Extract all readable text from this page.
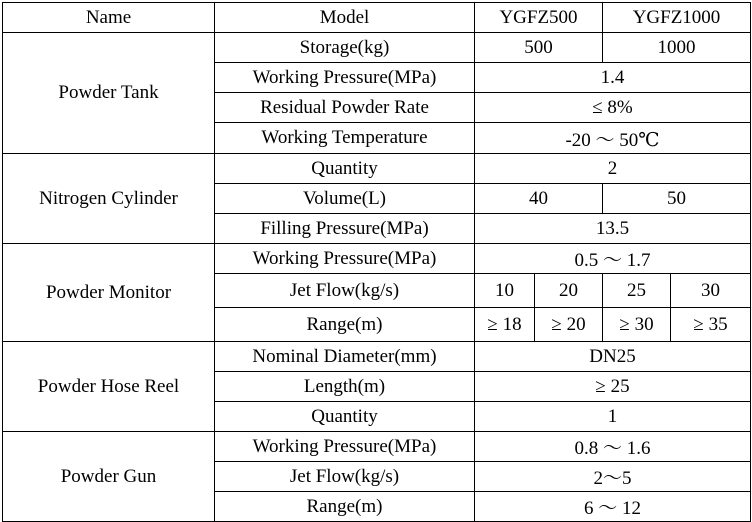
Name	Model	YGFZ500		YGFZ1000	
Powder Tank	Storage(kg)	500		1000	
	Working Pressure(MPa)	1.4			
	Residual Powder Rate	≤ 8%			
	Working Temperature	-20 ～ 50℃			
Nitrogen Cylinder	Quantity	2			
	Volume(L)	40		50	
	Filling Pressure(MPa)	13.5			
Powder Monitor	Working Pressure(MPa)	0.5 ～ 1.7			
	Jet Flow(kg/s)	10	20	25	30
	Range(m)	≥ 18	≥ 20	≥ 30	≥ 35
Powder Hose Reel	Nominal Diameter(mm)	DN25			
	Length(m)	≥ 25			
	Quantity	1			
Powder Gun	Working Pressure(MPa)	0.8 ～ 1.6			
	Jet Flow(kg/s)	2～5			
	Range(m)	6 ～ 12			
